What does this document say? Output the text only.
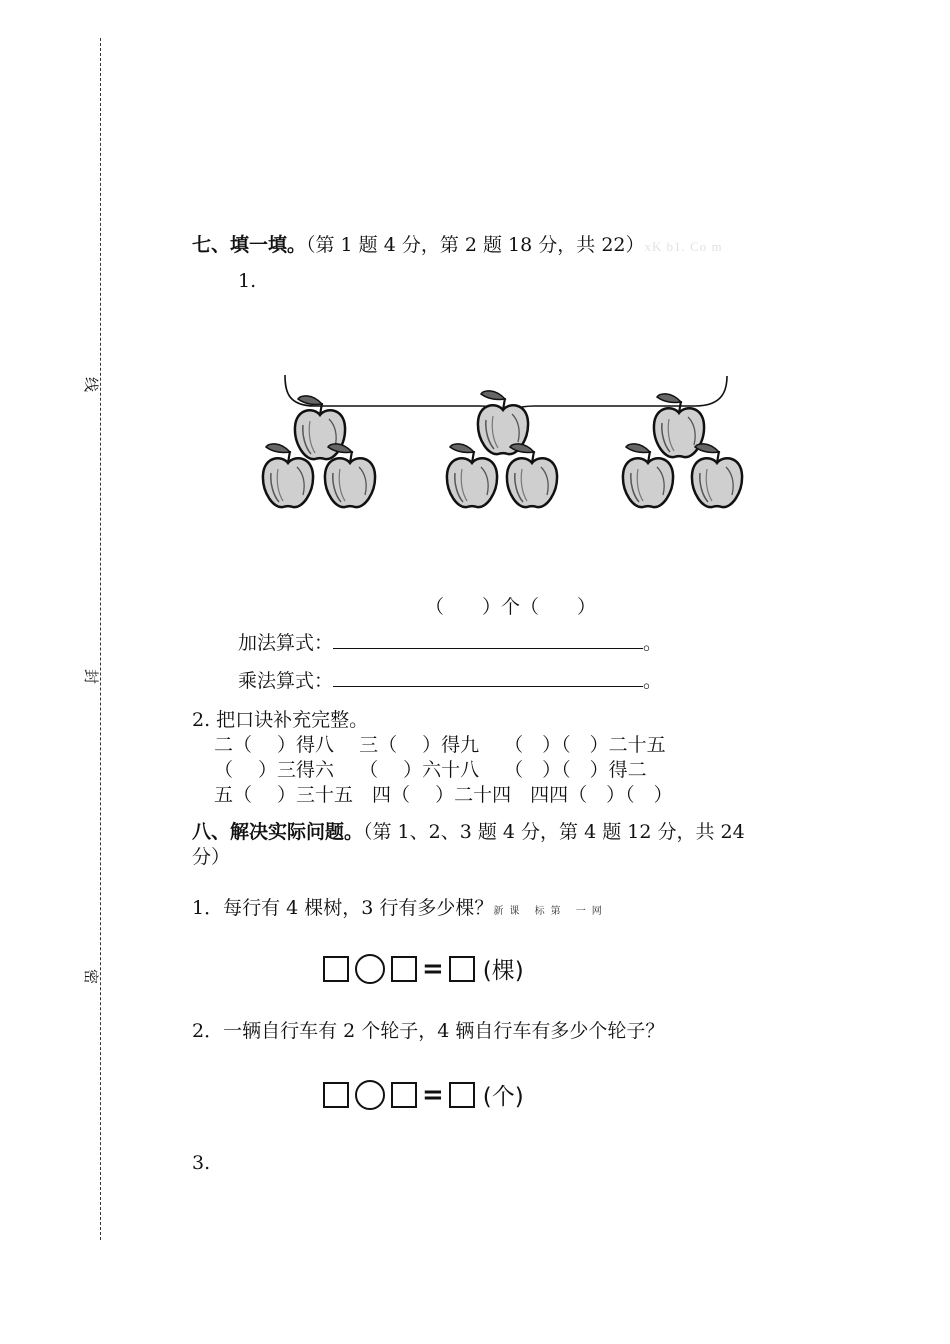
线
封
密
七、填一填。（第 1 题 4 分，第 2 题 18 分，共 22）xK b1. Co m
1.
（　　）个（　　）
加法算式：	。
乘法算式：	。
2. 把口诀补充完整。
二（　 ）得八　 三（　 ）得九　 （　）（　）二十五
（　 ）三得六　 （　 ）六十八　 （　）（　）得二
五（　 ）三十五　四（　 ）二十四　四四（　）（　）
八、解决实际问题。（第 1、2、3 题 4 分，第 4 题 12 分，共 24
分）
1．每行有 4 棵树，3 行有多少棵？新课 标第 一网
= (棵)
2．一辆自行车有 2 个轮子，4 辆自行车有多少个轮子？
= (个)
3.
